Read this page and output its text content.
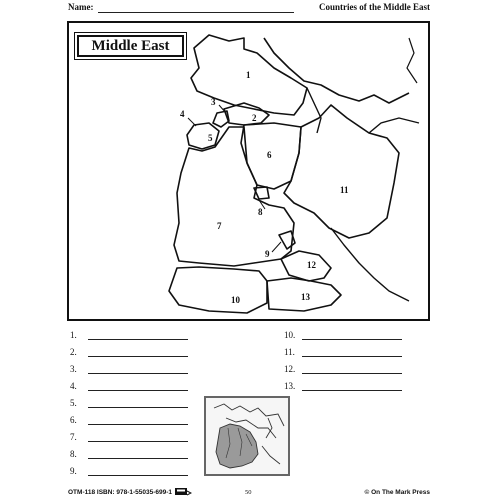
Name:	Countries of the Middle East
1
2
3
4
5
6
7
8
9
10
11
12
13
Middle East
1.
2.
3.
4.
5.
6.
7.
8.
9.
10.
11.
12.
13.
OTM-118 ISBN: 978-1-55035-699-1	50	© On The Mark Press
